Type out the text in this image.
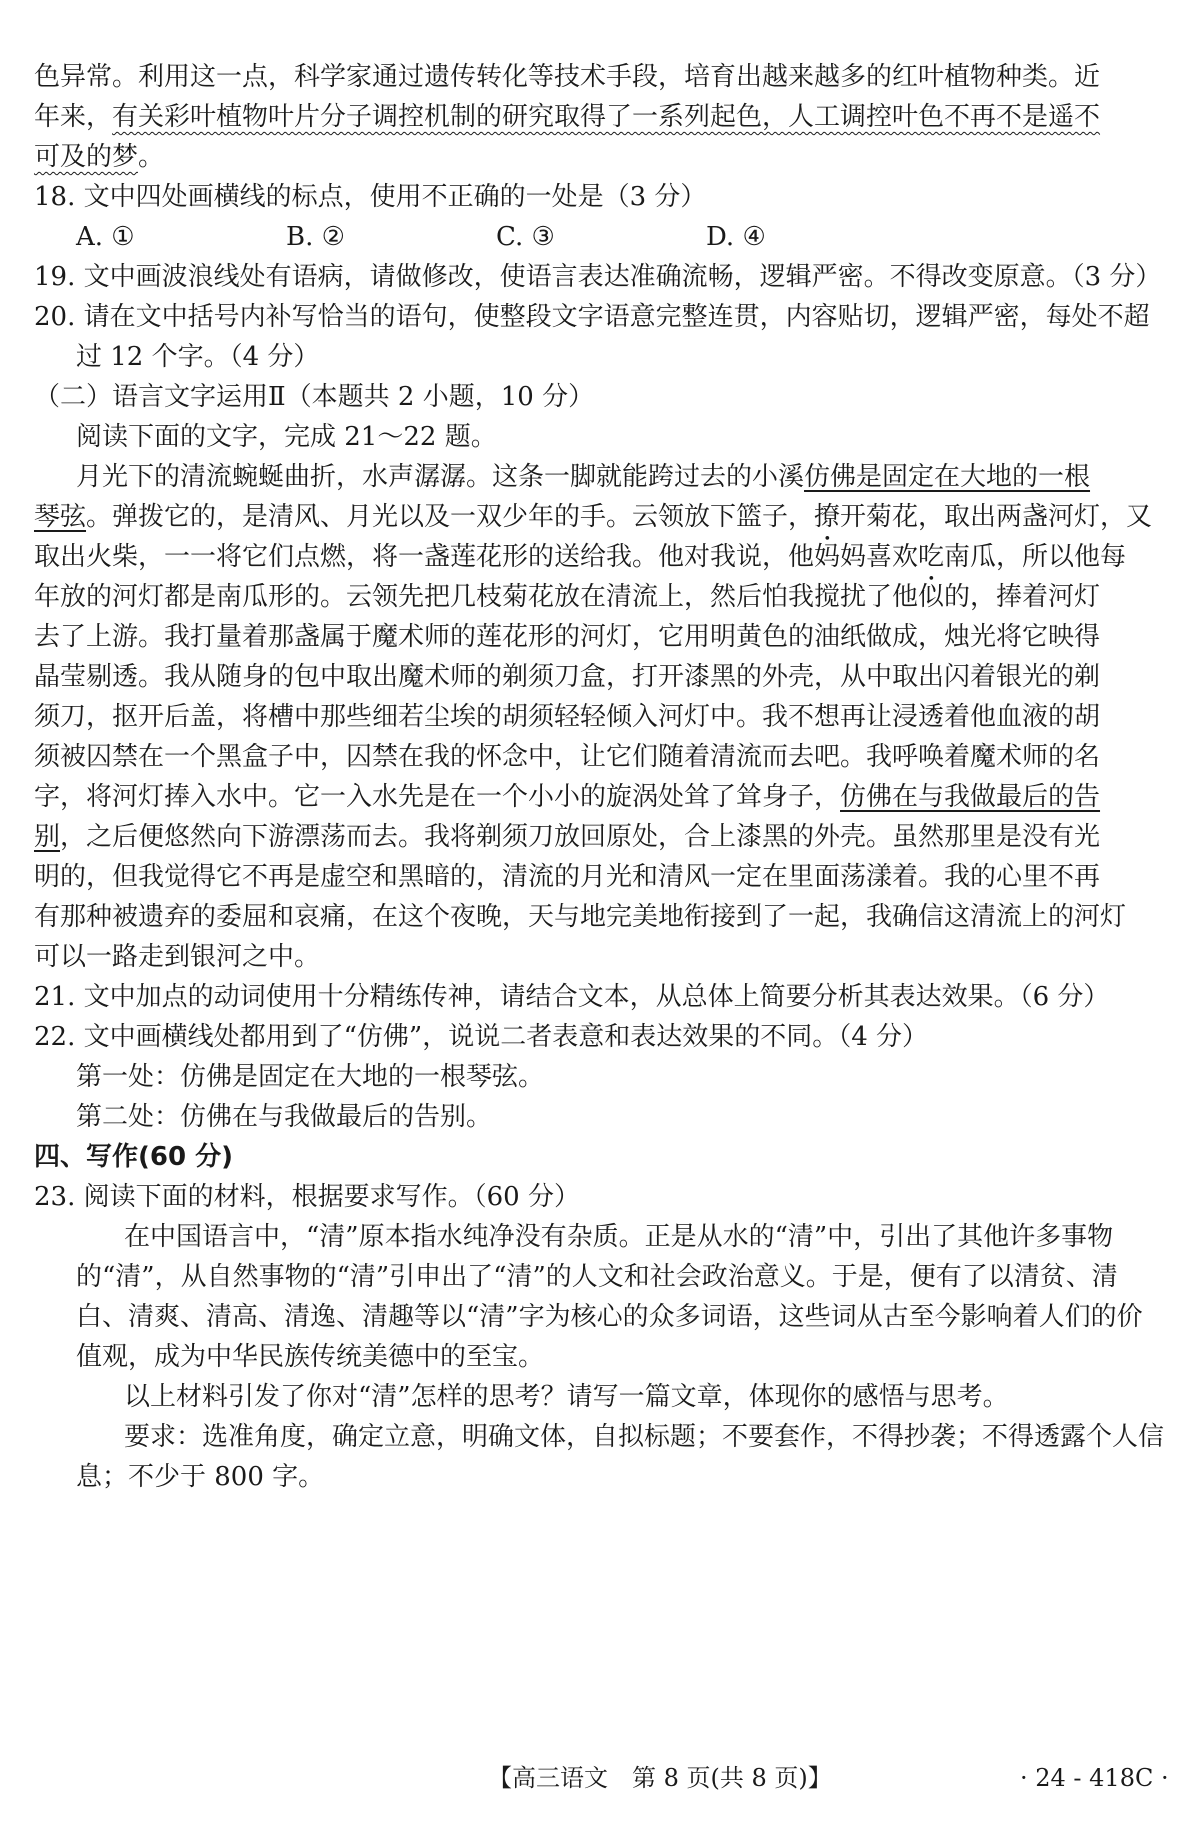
色异常。利用这一点，科学家通过遗传转化等技术手段，培育出越来越多的红叶植物种类。近
年来，有关彩叶植物叶片分子调控机制的研究取得了一系列起色，人工调控叶色不再不是遥不
可及的梦。
18. 文中四处画横线的标点，使用不正确的一处是（3 分）
A. ①	B. ②	C. ③	D. ④
19. 文中画波浪线处有语病，请做修改，使语言表达准确流畅，逻辑严密。不得改变原意。（3 分）
20. 请在文中括号内补写恰当的语句，使整段文字语意完整连贯，内容贴切，逻辑严密，每处不超
过 12 个字。（4 分）
（二）语言文字运用Ⅱ（本题共 2 小题，10 分）
阅读下面的文字，完成 21～22 题。
月光下的清流蜿蜒曲折，水声潺潺。这条一脚就能跨过去的小溪仿佛是固定在大地的一根
琴弦。弹拨它的，是清风、月光以及一双少年的手。云领放下篮子，撩开菊花，取出两盏河灯，又
取出火柴，一一将它们点燃，将一盏莲花形的送给我。他对我说，他妈妈喜欢吃南瓜，所以他每
年放的河灯都是南瓜形的。云领先把几枝菊花放在清流上，然后怕我搅扰了他似的，捧着河灯
去了上游。我打量着那盏属于魔术师的莲花形的河灯，它用明黄色的油纸做成，烛光将它映得
晶莹剔透。我从随身的包中取出魔术师的剃须刀盒，打开漆黑的外壳，从中取出闪着银光的剃
须刀，抠开后盖，将槽中那些细若尘埃的胡须轻轻倾入河灯中。我不想再让浸透着他血液的胡
须被囚禁在一个黑盒子中，囚禁在我的怀念中，让它们随着清流而去吧。我呼唤着魔术师的名
字，将河灯捧入水中。它一入水先是在一个小小的旋涡处耸了耸身子，仿佛在与我做最后的告
别，之后便悠然向下游漂荡而去。我将剃须刀放回原处，合上漆黑的外壳。虽然那里是没有光
明的，但我觉得它不再是虚空和黑暗的，清流的月光和清风一定在里面荡漾着。我的心里不再
有那种被遗弃的委屈和哀痛，在这个夜晚，天与地完美地衔接到了一起，我确信这清流上的河灯
可以一路走到银河之中。
21. 文中加点的动词使用十分精练传神，请结合文本，从总体上简要分析其表达效果。（6 分）
22. 文中画横线处都用到了“仿佛”，说说二者表意和表达效果的不同。（4 分）
第一处：仿佛是固定在大地的一根琴弦。
第二处：仿佛在与我做最后的告别。
四、写作(60 分)
23. 阅读下面的材料，根据要求写作。（60 分）
在中国语言中，“清”原本指水纯净没有杂质。正是从水的“清”中，引出了其他许多事物
的“清”，从自然事物的“清”引申出了“清”的人文和社会政治意义。于是，便有了以清贫、清
白、清爽、清高、清逸、清趣等以“清”字为核心的众多词语，这些词从古至今影响着人们的价
值观，成为中华民族传统美德中的至宝。
以上材料引发了你对“清”怎样的思考？请写一篇文章，体现你的感悟与思考。
要求：选准角度，确定立意，明确文体，自拟标题；不要套作，不得抄袭；不得透露个人信
息；不少于 800 字。
【高三语文　第 8 页(共 8 页)】	· 24 - 418C ·
